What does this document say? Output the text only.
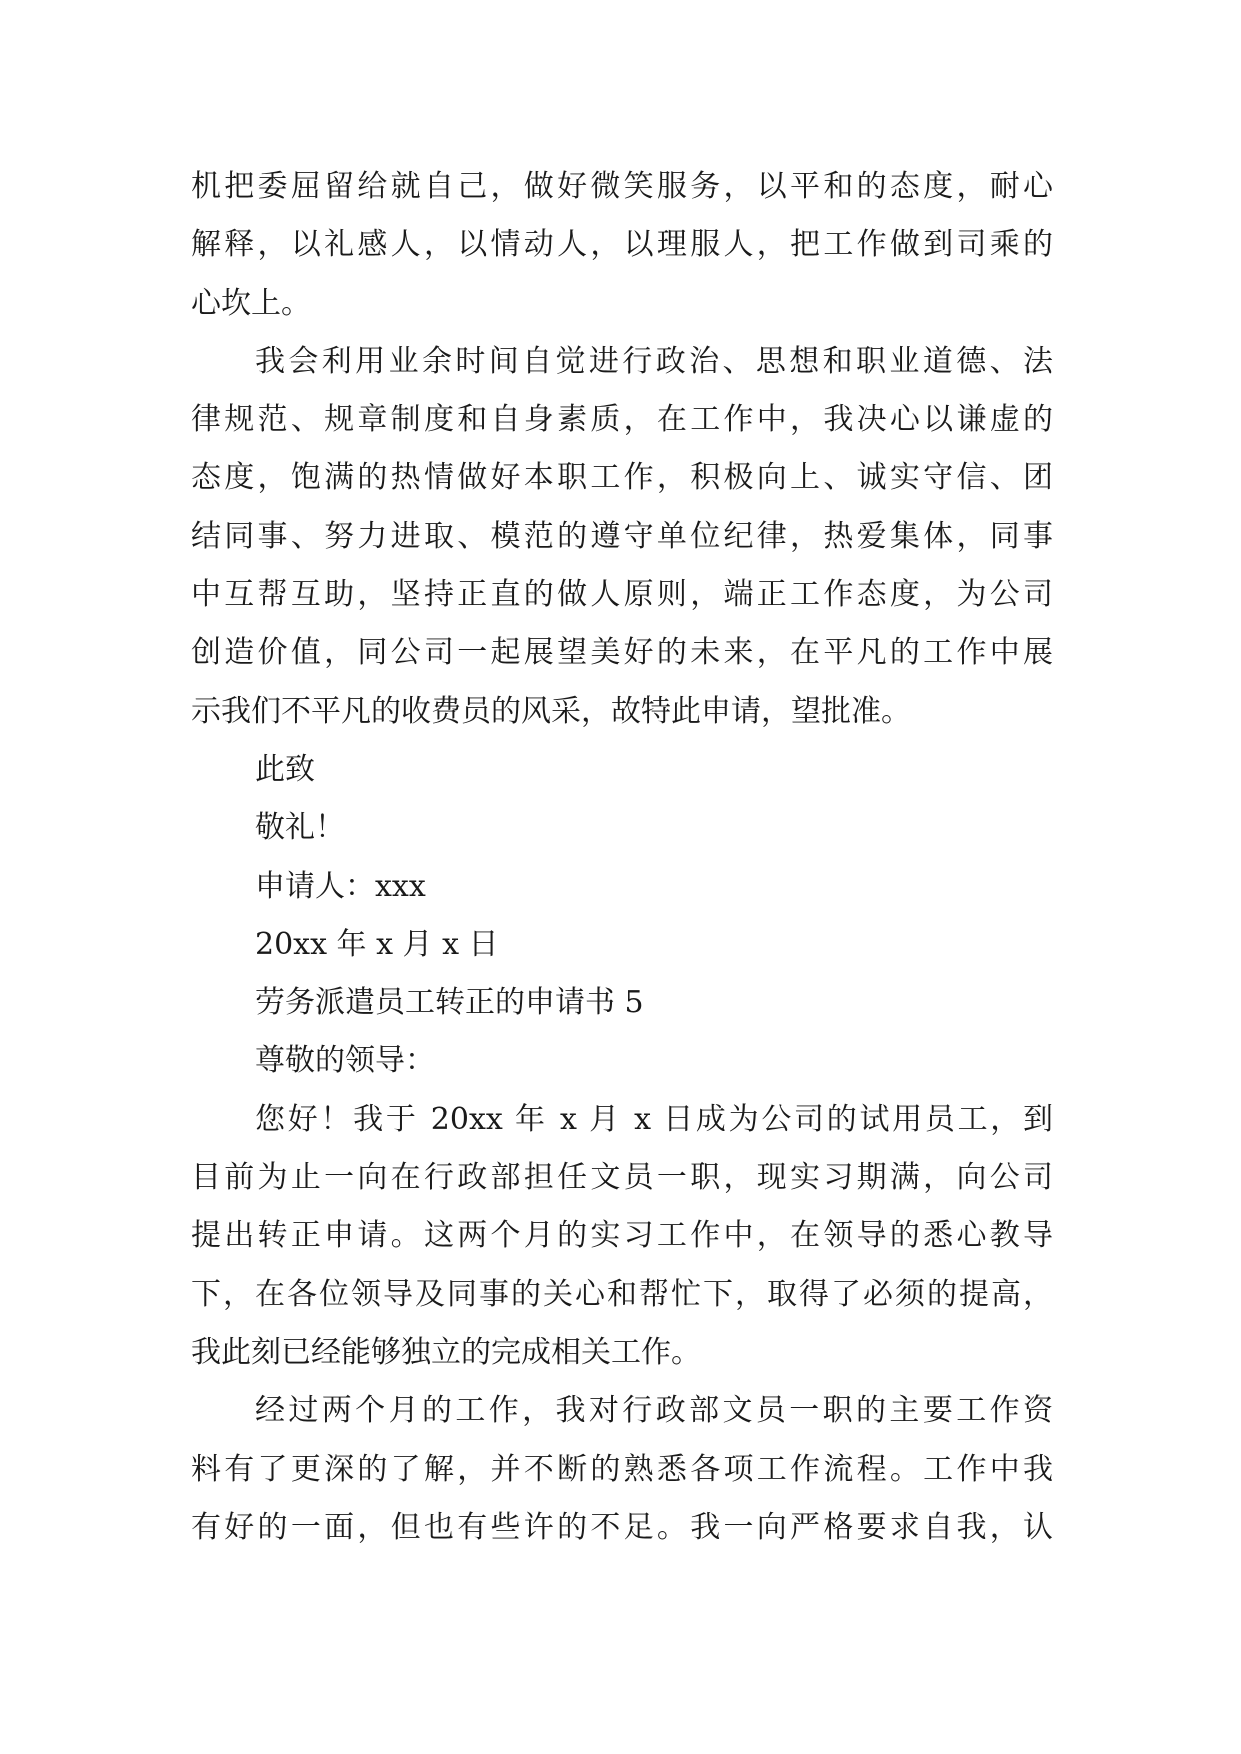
机把委屈留给就自己，做好微笑服务，以平和的态度，耐心

解释，以礼感人，以情动人，以理服人，把工作做到司乘的

心坎上。

我会利用业余时间自觉进行政治、思想和职业道德、法

律规范、规章制度和自身素质，在工作中，我决心以谦虚的

态度，饱满的热情做好本职工作，积极向上、诚实守信、团

结同事、努力进取、模范的遵守单位纪律，热爱集体，同事

中互帮互助，坚持正直的做人原则，端正工作态度，为公司

创造价值，同公司一起展望美好的未来，在平凡的工作中展

示我们不平凡的收费员的风采，故特此申请，望批准。

此致

敬礼！

申请人：xxx

20xx 年 x 月 x 日

劳务派遣员工转正的申请书 5

尊敬的领导：

您好！我于 20xx 年 x 月 x 日成为公司的试用员工，到

目前为止一向在行政部担任文员一职，现实习期满，向公司

提出转正申请。这两个月的实习工作中，在领导的悉心教导

下，在各位领导及同事的关心和帮忙下，取得了必须的提高，

我此刻已经能够独立的完成相关工作。

经过两个月的工作，我对行政部文员一职的主要工作资

料有了更深的了解，并不断的熟悉各项工作流程。工作中我

有好的一面，但也有些许的不足。我一向严格要求自我，认
